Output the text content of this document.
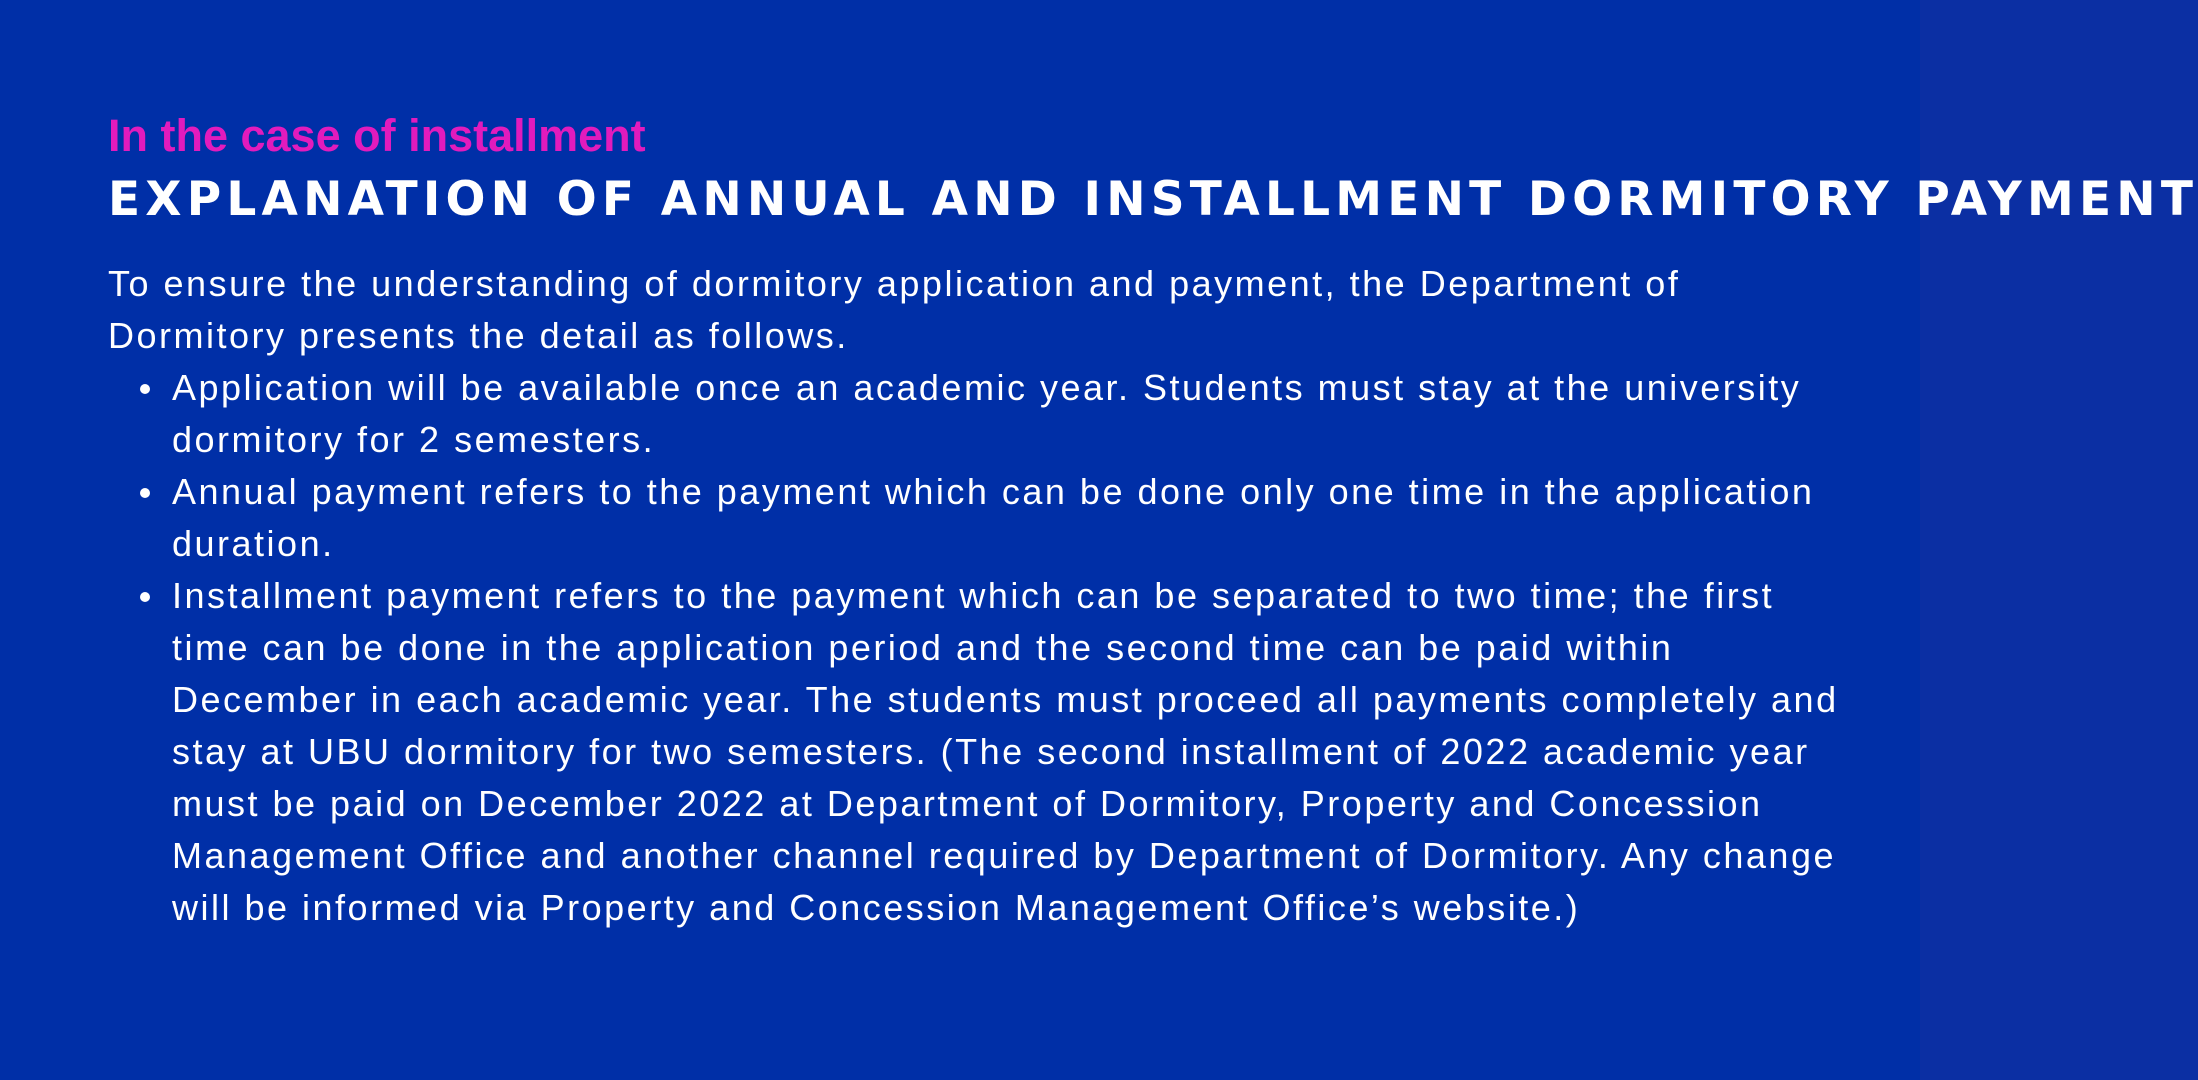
In the case of installment

EXPLANATION OF ANNUAL AND INSTALLMENT DORMITORY PAYMENT

To ensure the understanding of dormitory application and payment, the Department of Dormitory presents the detail as follows.

Application will be available once an academic year. Students must stay at the university dormitory for 2 semesters.
Annual payment refers to the payment which can be done only one time in the application duration.
Installment payment refers to the payment which can be separated to two time; the first time can be done in the application period and the second time can be paid within December in each academic year. The students must proceed all payments completely and stay at UBU dormitory for two semesters. (The second installment of 2022 academic year must be paid on December 2022 at Department of Dormitory, Property and Concession Management Office and another channel required by Department of Dormitory. Any change will be informed via Property and Concession Management Office’s website.)
